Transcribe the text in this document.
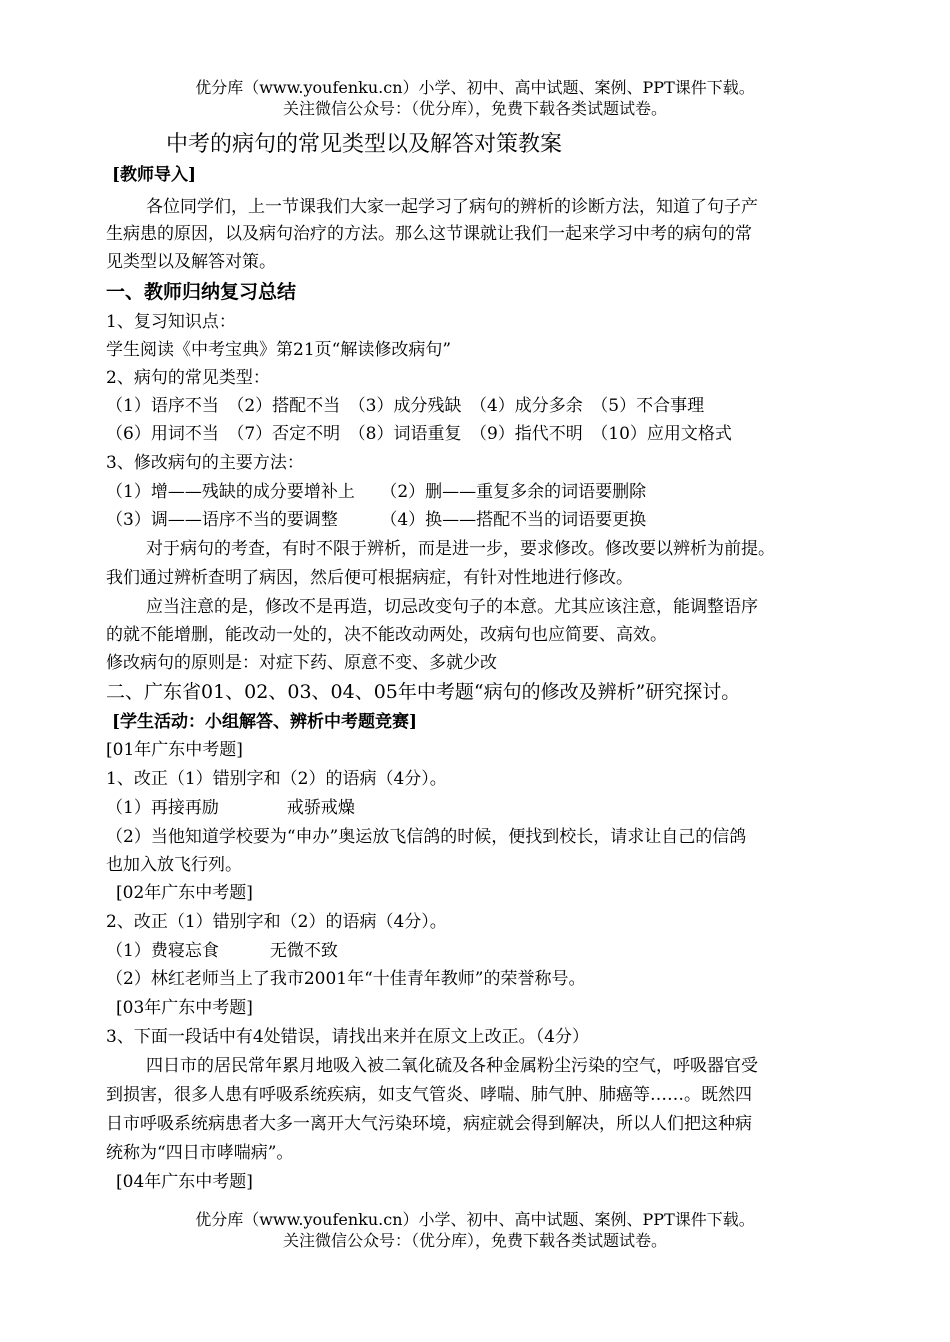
优分库（www.youfenku.cn）小学、初中、高中试题、案例、PPT课件下载。
关注微信公众号：（优分库），免费下载各类试题试卷。
中考的病句的常见类型以及解答对策教案
[教师导入]
各位同学们，上一节课我们大家一起学习了病句的辨析的诊断方法，知道了句子产
生病患的原因，以及病句治疗的方法。那么这节课就让我们一起来学习中考的病句的常
见类型以及解答对策。
一、教师归纳复习总结
1、复习知识点：
学生阅读《中考宝典》第21页“解读修改病句”
2、病句的常见类型：
（1）语序不当　（2）搭配不当　（3）成分残缺　（4）成分多余　（5）不合事理
（6）用词不当　（7）否定不明　（8）词语重复　（9）指代不明　（10）应用文格式
3、修改病句的主要方法：
（1）增——残缺的成分要增补上　　（2）删——重复多余的词语要删除
（3）调——语序不当的要调整　　　（4）换——搭配不当的词语要更换
对于病句的考查，有时不限于辨析，而是进一步，要求修改。修改要以辨析为前提。
我们通过辨析查明了病因，然后便可根据病症，有针对性地进行修改。
应当注意的是，修改不是再造，切忌改变句子的本意。尤其应该注意，能调整语序
的就不能增删，能改动一处的，决不能改动两处，改病句也应简要、高效。
修改病句的原则是：对症下药、原意不变、多就少改
二、广东省01、02、03、04、05年中考题“病句的修改及辨析”研究探讨。
[学生活动：小组解答、辨析中考题竞赛]
[01年广东中考题]
1、改正（1）错别字和（2）的语病（4分）。
（1）再接再励　　　　戒骄戒燥
（2）当他知道学校要为“申办”奥运放飞信鸽的时候，便找到校长，请求让自己的信鸽
也加入放飞行列。
[02年广东中考题]
2、改正（1）错别字和（2）的语病（4分）。
（1）费寝忘食　　　无微不致
（2）林红老师当上了我市2001年“十佳青年教师”的荣誉称号。
[03年广东中考题]
3、下面一段话中有4处错误，请找出来并在原文上改正。（4分）
四日市的居民常年累月地吸入被二氧化硫及各种金属粉尘污染的空气，呼吸器官受
到损害，很多人患有呼吸系统疾病，如支气管炎、哮喘、肺气肿、肺癌等……。既然四
日市呼吸系统病患者大多一离开大气污染环境，病症就会得到解决，所以人们把这种病
统称为“四日市哮喘病”。
[04年广东中考题]
优分库（www.youfenku.cn）小学、初中、高中试题、案例、PPT课件下载。
关注微信公众号：（优分库），免费下载各类试题试卷。
